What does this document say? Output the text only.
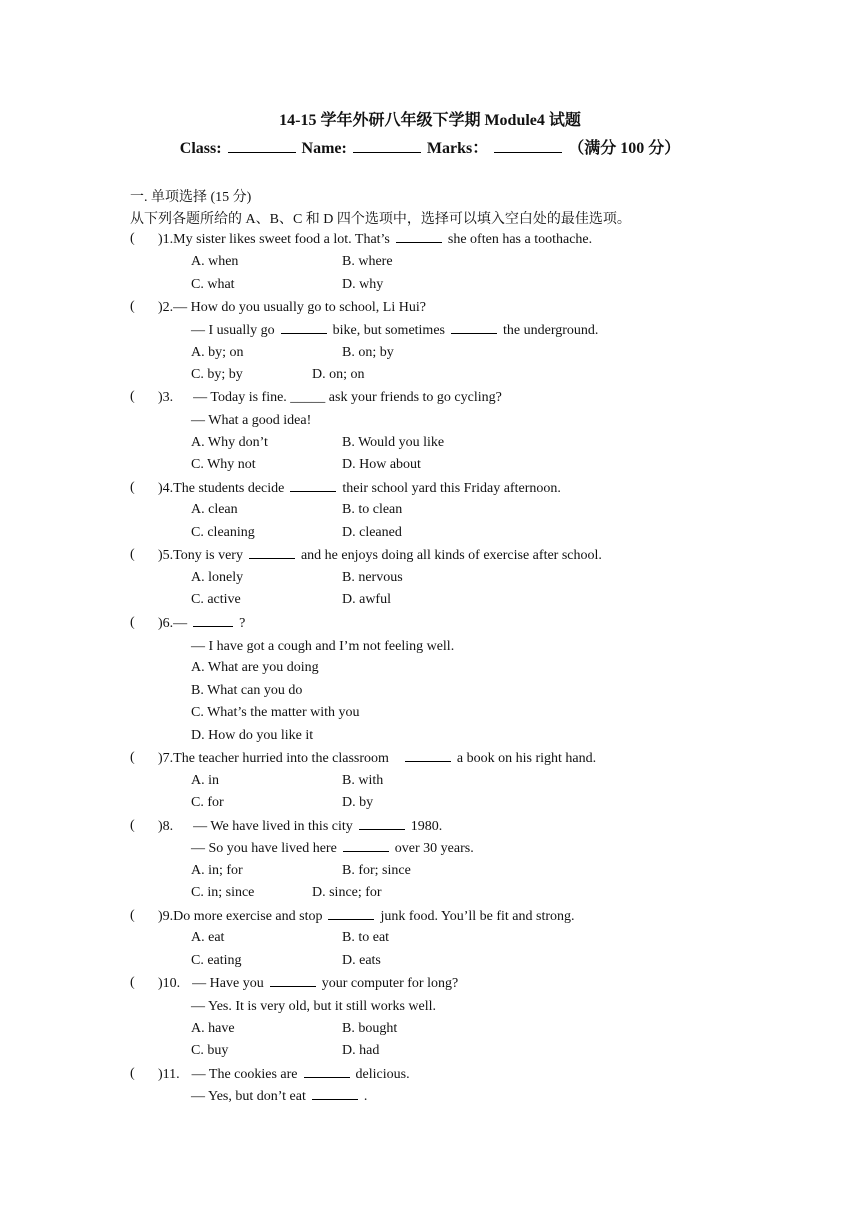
14-15 学年外研八年级下学期 Module4 试题
Class:	Name:	Marks：	（满分 100 分）
一. 单项选择 (15 分)
从下列各题所给的 A、B、C 和 D 四个选项中，选择可以填入空白处的最佳选项。
( )1.My sister likes sweet food a lot. That’s	she often has a toothache.
A. when	B. where
C. what	D. why
( )2.— How do you usually go to school, Li Hui?
— I usually go	bike, but sometimes	the underground.
A. by; on	B. on; by
C. by; by	D. on; on
( )3. — Today is fine. _____ ask your friends to go cycling?
— What a good idea!
A. Why don’t	B. Would you like
C. Why not	D. How about
( )4.The students decide	their school yard this Friday afternoon.
A. clean	B. to clean
C. cleaning	D. cleaned
( )5.Tony is very	and he enjoys doing all kinds of exercise after school.
A. lonely	B. nervous
C. active	D. awful
( )6.—	?
— I have got a cough and I’m not feeling well.
A. What are you doing
B. What can you do
C. What’s the matter with you
D. How do you like it
( )7.The teacher hurried into the classroom	a book on his right hand.
A. in	B. with
C. for	D. by
( )8. — We have lived in this city	1980.
— So you have lived here	over 30 years.
A. in; for	B. for; since
C. in; since	D. since; for
( )9.Do more exercise and stop	junk food. You’ll be fit and strong.
A. eat	B. to eat
C. eating	D. eats
( )10. — Have you	your computer for long?
— Yes. It is very old, but it still works well.
A. have	B. bought
C. buy	D. had
( )11. — The cookies are	delicious.
— Yes, but don’t eat	.
